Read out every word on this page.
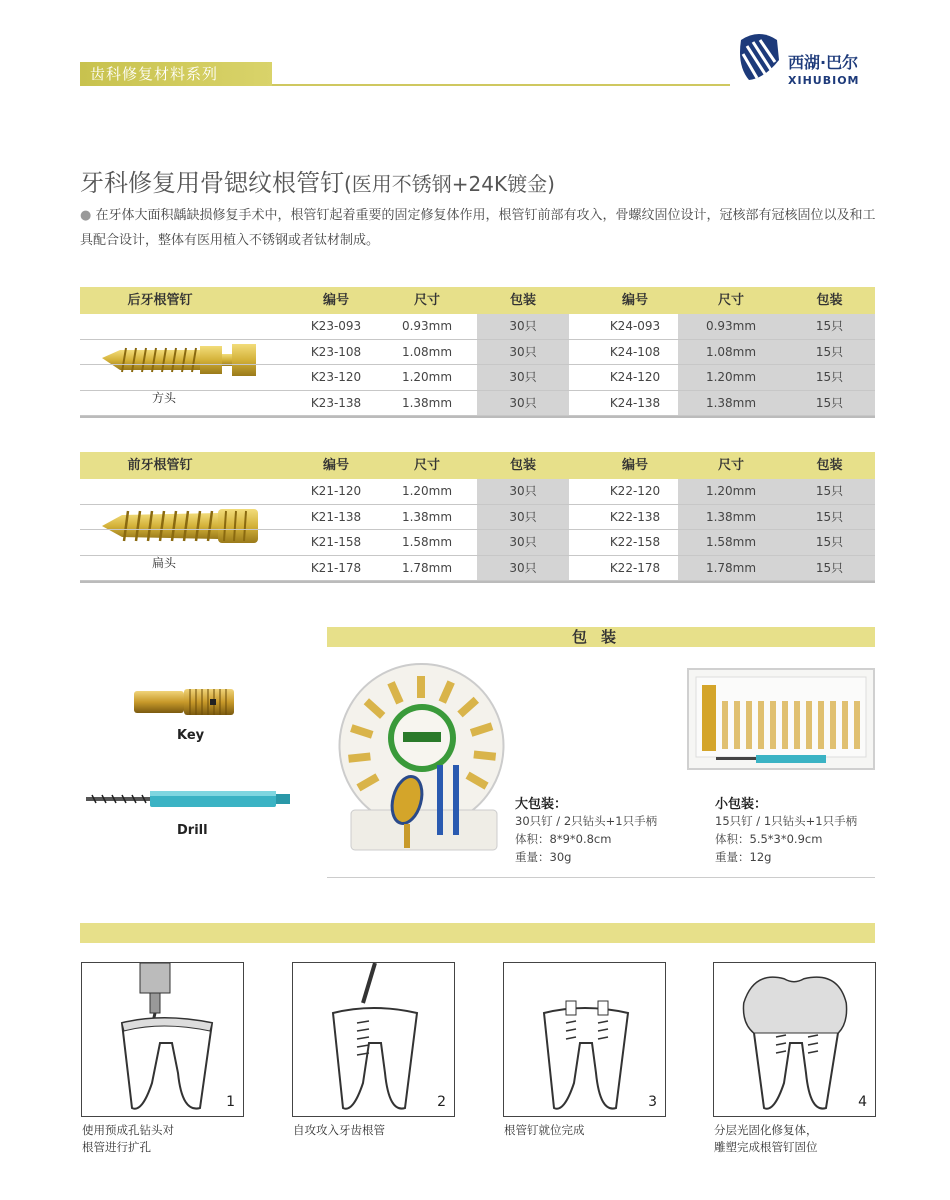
齿科修复材料系列
西湖·巴尔
XIHUBIOM
牙科修复用骨锶纹根管钉(医用不锈钢+24K镀金)
● 在牙体大面积龋缺损修复手术中，根管钉起着重要的固定修复体作用，根管钉前部有攻入，骨螺纹固位设计，冠核部有冠核固位以及和工具配合设计，整体有医用植入不锈钢或者钛材制成。
后牙根管钉	编号	尺寸	包装	编号	尺寸	包装
方头
K23-093	0.93mm	30只	K24-093	0.93mm	15只
K23-108	1.08mm	30只	K24-108	1.08mm	15只
K23-120	1.20mm	30只	K24-120	1.20mm	15只
K23-138	1.38mm	30只	K24-138	1.38mm	15只
前牙根管钉	编号	尺寸	包装	编号	尺寸	包装
扁头
K21-120	1.20mm	30只	K22-120	1.20mm	15只
K21-138	1.38mm	30只	K22-138	1.38mm	15只
K21-158	1.58mm	30只	K22-158	1.58mm	15只
K21-178	1.78mm	30只	K22-178	1.78mm	15只
包装
Key
Drill
大包装：
30只钉 / 2只钻头+1只手柄
体积：8*9*0.8cm
重量：30g
小包装：
15只钉 / 1只钻头+1只手柄
体积：5.5*3*0.9cm
重量：12g
1	2	3	4
使用预成孔钻头对
根管进行扩孔
自攻攻入牙齿根管	根管钉就位完成	分层光固化修复体，
雕塑完成根管钉固位
